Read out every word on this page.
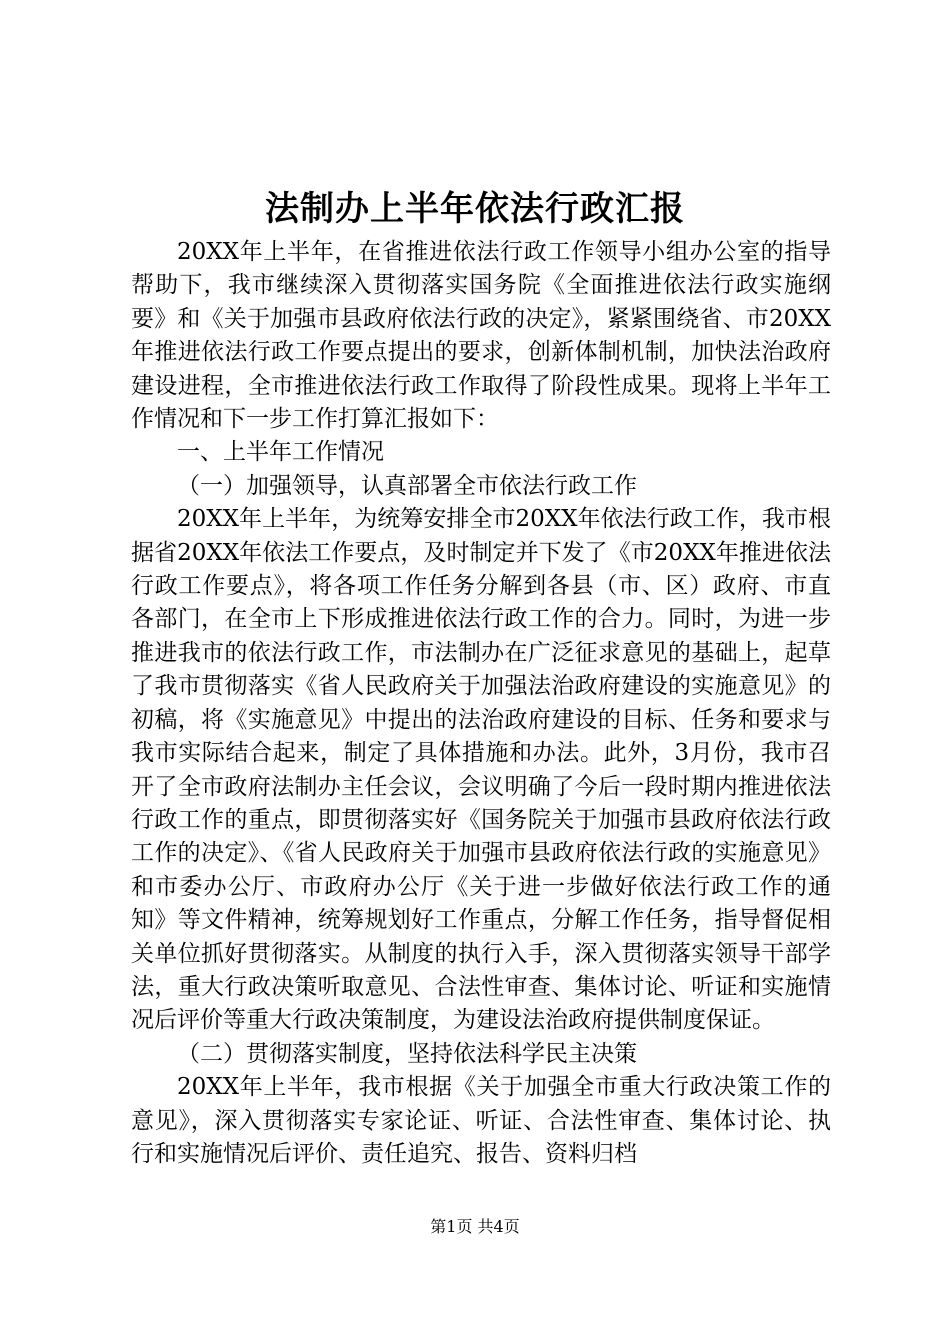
法制办上半年依法行政汇报

20XX年上半年，在省推进依法行政工作领导小组办公室的指导帮助下，我市继续深入贯彻落实国务院《全面推进依法行政实施纲要》和《关于加强市县政府依法行政的决定》，紧紧围绕省、市20XX年推进依法行政工作要点提出的要求，创新体制机制，加快法治政府建设进程，全市推进依法行政工作取得了阶段性成果。现将上半年工作情况和下一步工作打算汇报如下：

一、上半年工作情况

（一）加强领导，认真部署全市依法行政工作

20XX年上半年，为统筹安排全市20XX年依法行政工作，我市根据省20XX年依法工作要点，及时制定并下发了《市20XX年推进依法行政工作要点》，将各项工作任务分解到各县（市、区）政府、市直各部门，在全市上下形成推进依法行政工作的合力。同时，为进一步推进我市的依法行政工作，市法制办在广泛征求意见的基础上，起草了我市贯彻落实《省人民政府关于加强法治政府建设的实施意见》的初稿，将《实施意见》中提出的法治政府建设的目标、任务和要求与我市实际结合起来，制定了具体措施和办法。此外，3月份，我市召开了全市政府法制办主任会议，会议明确了今后一段时期内推进依法行政工作的重点，即贯彻落实好《国务院关于加强市县政府依法行政工作的决定》、《省人民政府关于加强市县政府依法行政的实施意见》和市委办公厅、市政府办公厅《关于进一步做好依法行政工作的通知》等文件精神，统筹规划好工作重点，分解工作任务，指导督促相关单位抓好贯彻落实。从制度的执行入手，深入贯彻落实领导干部学法，重大行政决策听取意见、合法性审查、集体讨论、听证和实施情况后评价等重大行政决策制度，为建设法治政府提供制度保证。

（二）贯彻落实制度，坚持依法科学民主决策

20XX年上半年，我市根据《关于加强全市重大行政决策工作的意见》，深入贯彻落实专家论证、听证、合法性审查、集体讨论、执行和实施情况后评价、责任追究、报告、资料归档

第1页 共4页
